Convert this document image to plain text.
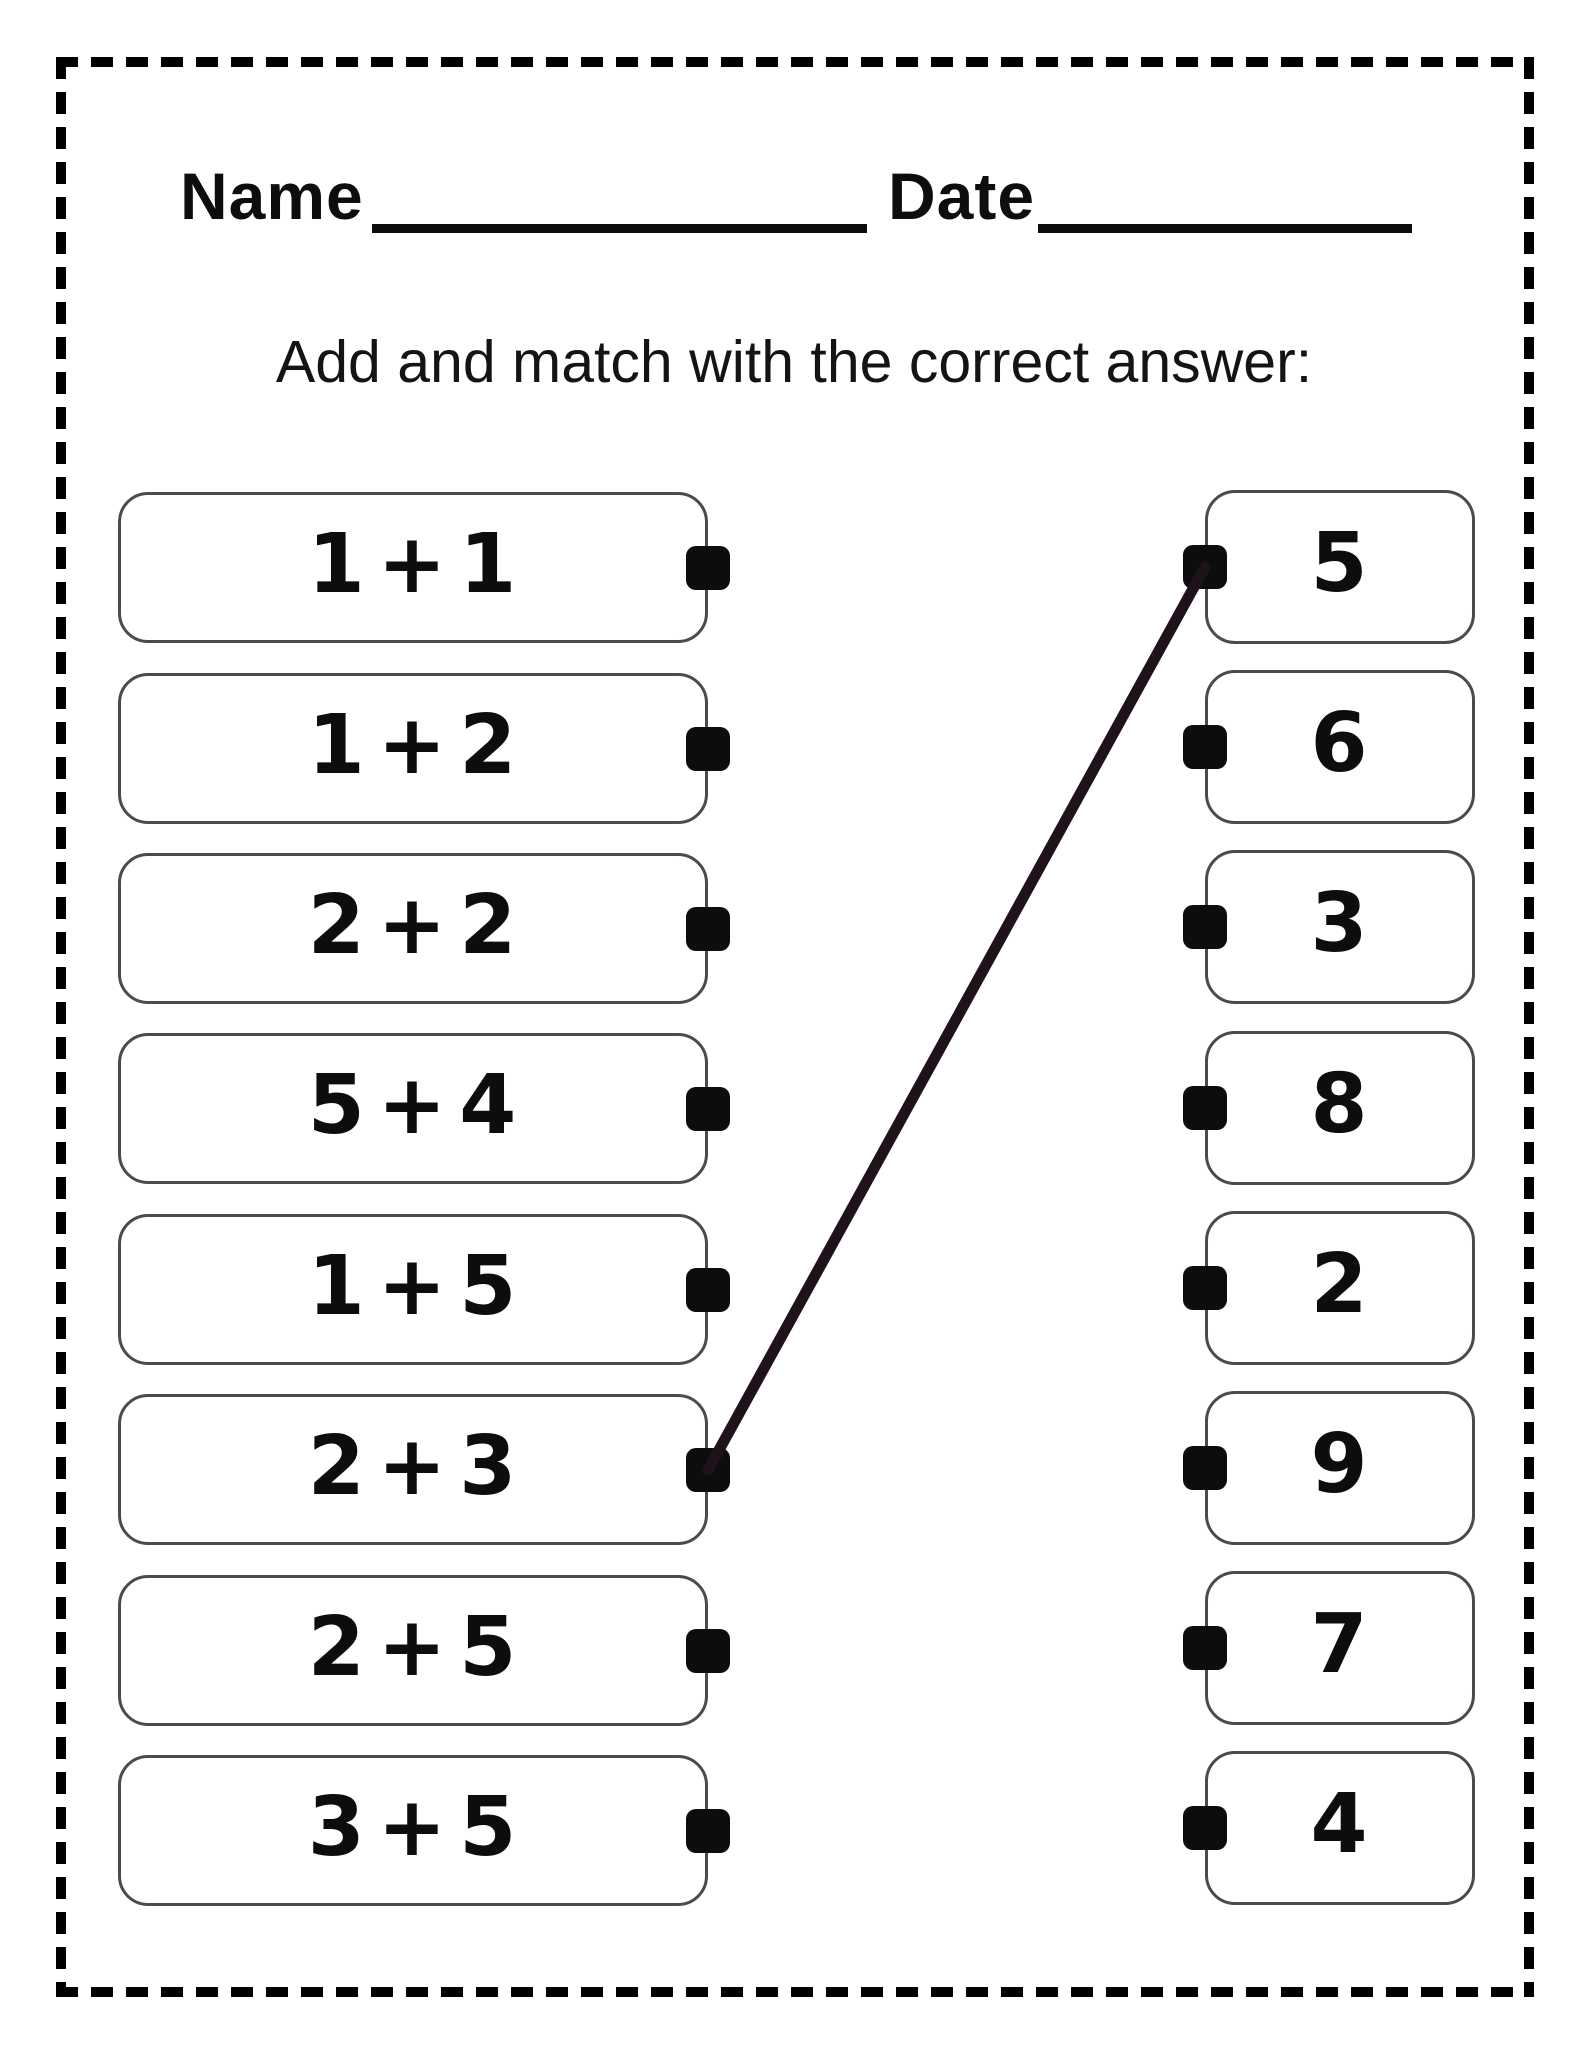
Name	Date
Add and match with the correct answer:
1 + 1
1 + 2
2 + 2
5 + 4
1 + 5
2 + 3
2 + 5
3 + 5
5
6
3
8
2
9
7
4
